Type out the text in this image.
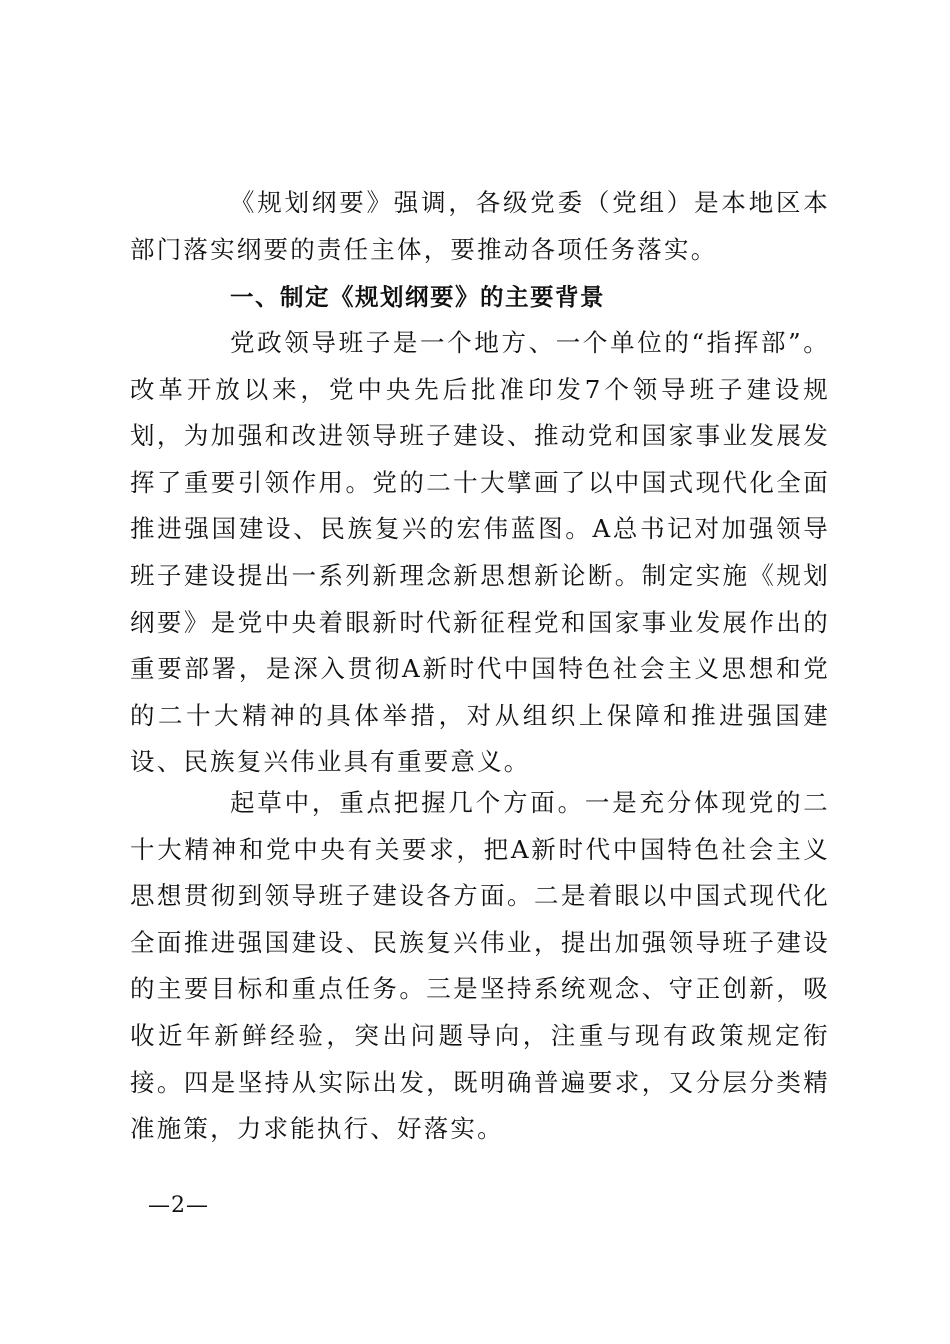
《规划纲要》强调，各级党委（党组）是本地区本部门落实纲要的责任主体，要推动各项任务落实。

一、制定《规划纲要》的主要背景

党政领导班子是一个地方、一个单位的“指挥部”。改革开放以来，党中央先后批准印发7个领导班子建设规划，为加强和改进领导班子建设、推动党和国家事业发展发挥了重要引领作用。党的二十大擘画了以中国式现代化全面推进强国建设、民族复兴的宏伟蓝图。A总书记对加强领导班子建设提出一系列新理念新思想新论断。制定实施《规划纲要》是党中央着眼新时代新征程党和国家事业发展作出的重要部署，是深入贯彻A新时代中国特色社会主义思想和党的二十大精神的具体举措，对从组织上保障和推进强国建设、民族复兴伟业具有重要意义。

起草中，重点把握几个方面。一是充分体现党的二十大精神和党中央有关要求，把A新时代中国特色社会主义思想贯彻到领导班子建设各方面。二是着眼以中国式现代化全面推进强国建设、民族复兴伟业，提出加强领导班子建设的主要目标和重点任务。三是坚持系统观念、守正创新，吸收近年新鲜经验，突出问题导向，注重与现有政策规定衔接。四是坚持从实际出发，既明确普遍要求，又分层分类精准施策，力求能执行、好落实。

—2—
